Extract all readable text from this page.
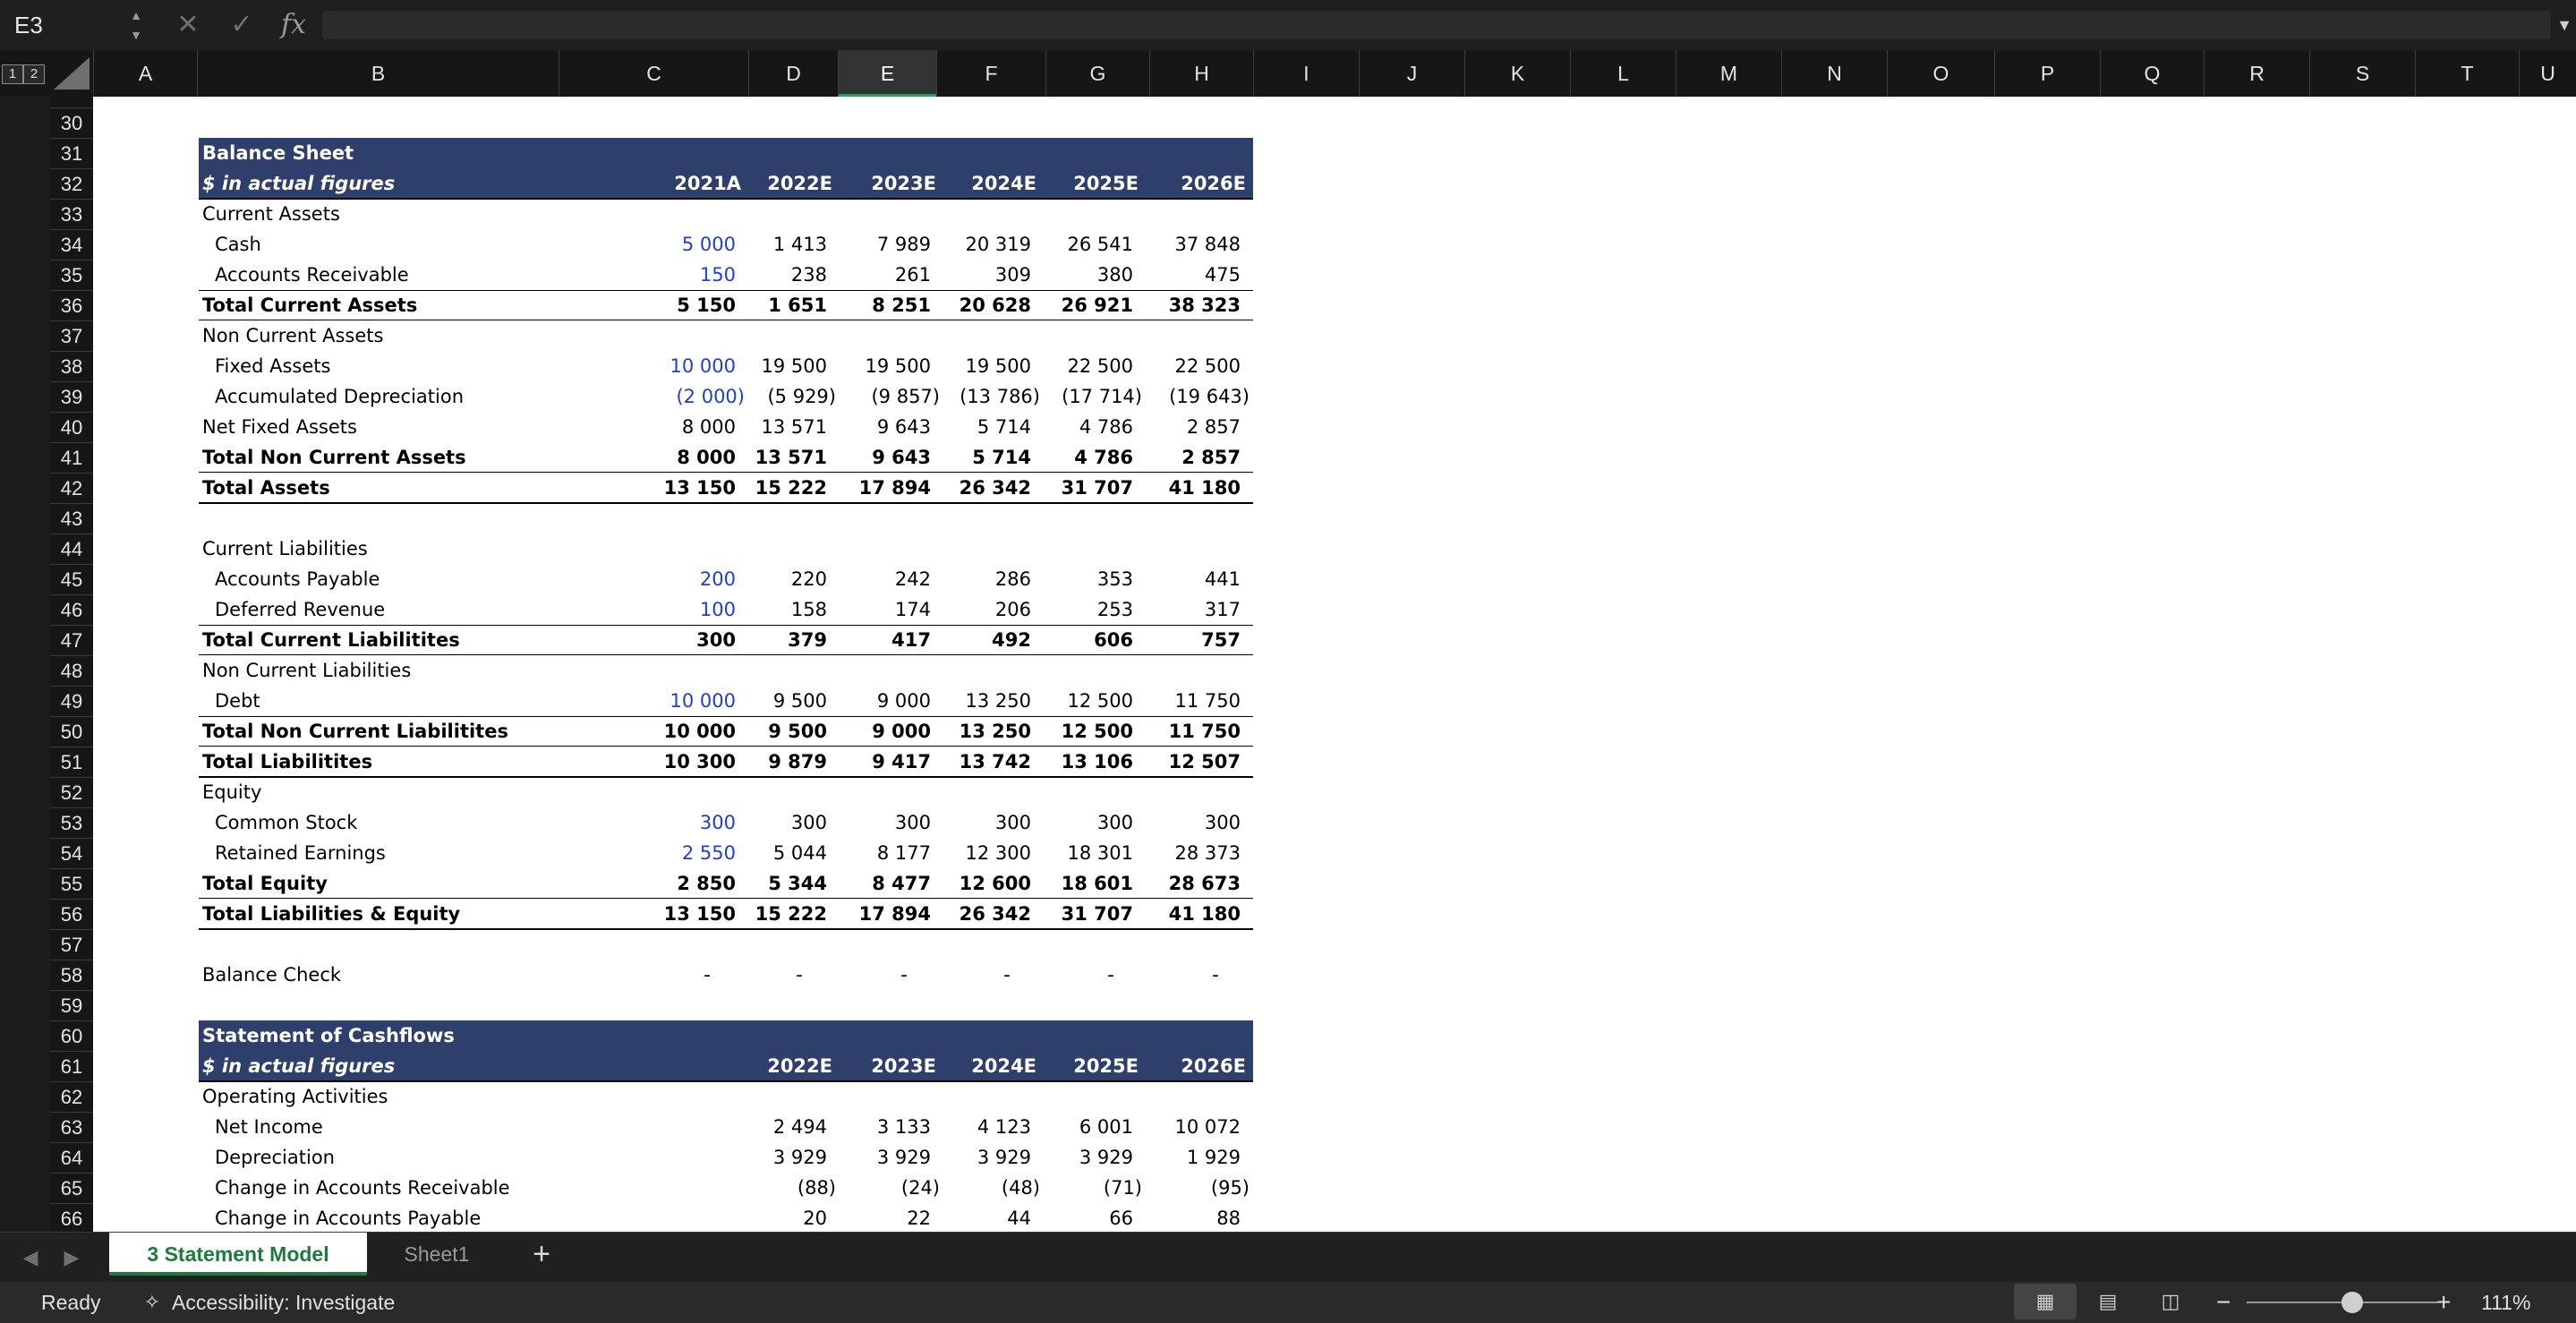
E3	▲
▼ ✕ ✓ fx	▼
1	2	A	B	C	D	E	F	G	H	I	J	K	L	M	N	O	P	Q	R	S	T	U
30
31
32
33
34
35
36
37
38
39
40
41
42
43
44
45
46
47
48
49
50
51
52
53
54
55
56
57
58
59
60
61
62
63
64
65
66
Balance Sheet
$ in actual figures	2021A	2022E	2023E	2024E	2025E	2026E
Current Assets
Cash	5 000	1 413	7 989	20 319	26 541	37 848
Accounts Receivable	150	238	261	309	380	475
Total Current Assets	5 150	1 651	8 251	20 628	26 921	38 323
Non Current Assets
Fixed Assets	10 000	19 500	19 500	19 500	22 500	22 500
Accumulated Depreciation	(2 000)	(5 929)	(9 857)	(13 786)	(17 714)	(19 643)
Net Fixed Assets	8 000	13 571	9 643	5 714	4 786	2 857
Total Non Current Assets	8 000	13 571	9 643	5 714	4 786	2 857
Total Assets	13 150	15 222	17 894	26 342	31 707	41 180
Current Liabilities
Accounts Payable	200	220	242	286	353	441
Deferred Revenue	100	158	174	206	253	317
Total Current Liabilitites	300	379	417	492	606	757
Non Current Liabilities
Debt	10 000	9 500	9 000	13 250	12 500	11 750
Total Non Current Liabilitites	10 000	9 500	9 000	13 250	12 500	11 750
Total Liabilitites	10 300	9 879	9 417	13 742	13 106	12 507
Equity
Common Stock	300	300	300	300	300	300
Retained Earnings	2 550	5 044	8 177	12 300	18 301	28 373
Total Equity	2 850	5 344	8 477	12 600	18 601	28 673
Total Liabilities & Equity	13 150	15 222	17 894	26 342	31 707	41 180
Balance Check	-	-	-	-	-	-
Statement of Cashflows
$ in actual figures	2022E	2023E	2024E	2025E	2026E
Operating Activities
Net Income	2 494	3 133	4 123	6 001	10 072
Depreciation	3 929	3 929	3 929	3 929	1 929
Change in Accounts Receivable	(88)	(24)	(48)	(71)	(95)
Change in Accounts Payable	20	22	44	66	88
◀	▶	3 Statement Model	Sheet1	+
Ready ✧ Accessibility: Investigate	▦	▤	◫	−	+ 111%
